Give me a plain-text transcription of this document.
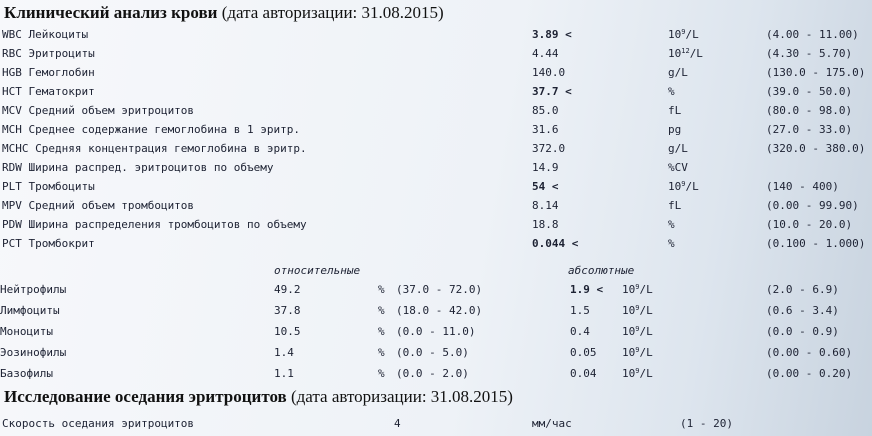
Клинический анализ крови (дата авторизации: 31.08.2015)
WBC Лейкоциты	3.89 <	$10^9/L$	(4.00 - 11.00)
RBC Эритроциты	4.44	$10^{12}/L$	(4.30 - 5.70)
HGB Гемоглобин	140.0	g/L	(130.0 - 175.0)
HCT Гематокрит	37.7 <	%	(39.0 - 50.0)
MCV Средний объем эритроцитов	85.0	fL	(80.0 - 98.0)
MCH Среднее содержание гемоглобина в 1 эритр.	31.6	pg	(27.0 - 33.0)
MCHC Средняя концентрация гемоглобина в эритр.	372.0	g/L	(320.0 - 380.0)
RDW Ширина распред. эритроцитов по объему	14.9	%CV
PLT Тромбоциты	54 <	$10^9/L$	(140 - 400)
MPV Средний объем тромбоцитов	8.14	fL	(0.00 - 99.90)
PDW Ширина распределения тромбоцитов по объему	18.8	%	(10.0 - 20.0)
PCT Тромбокрит	0.044 <	%	(0.100 - 1.000)
относительные	абсолютные
Нейтрофилы	49.2	% (37.0 - 72.0)	$1.9 < 10^9/L$	(2.0 - 6.9)
Лимфоциты	37.8	% (18.0 - 42.0)	1.5	$10^9/L$	(0.6 - 3.4)
Моноциты	10.5	% (0.0 - 11.0)	0.4	$10^9/L$	(0.0 - 0.9)
Эозинофилы	1.4	% (0.0 - 5.0)	0.05 $10^9/L$	(0.00 - 0.60)
Базофилы	1.1	% (0.0 - 2.0)	0.04 $10^9/L$	(0.00 - 0.20)
Исследование оседания эритроцитов (дата авторизации: 31.08.2015)
Скорость оседания эритроцитов	4	мм/час	(1 - 20)
